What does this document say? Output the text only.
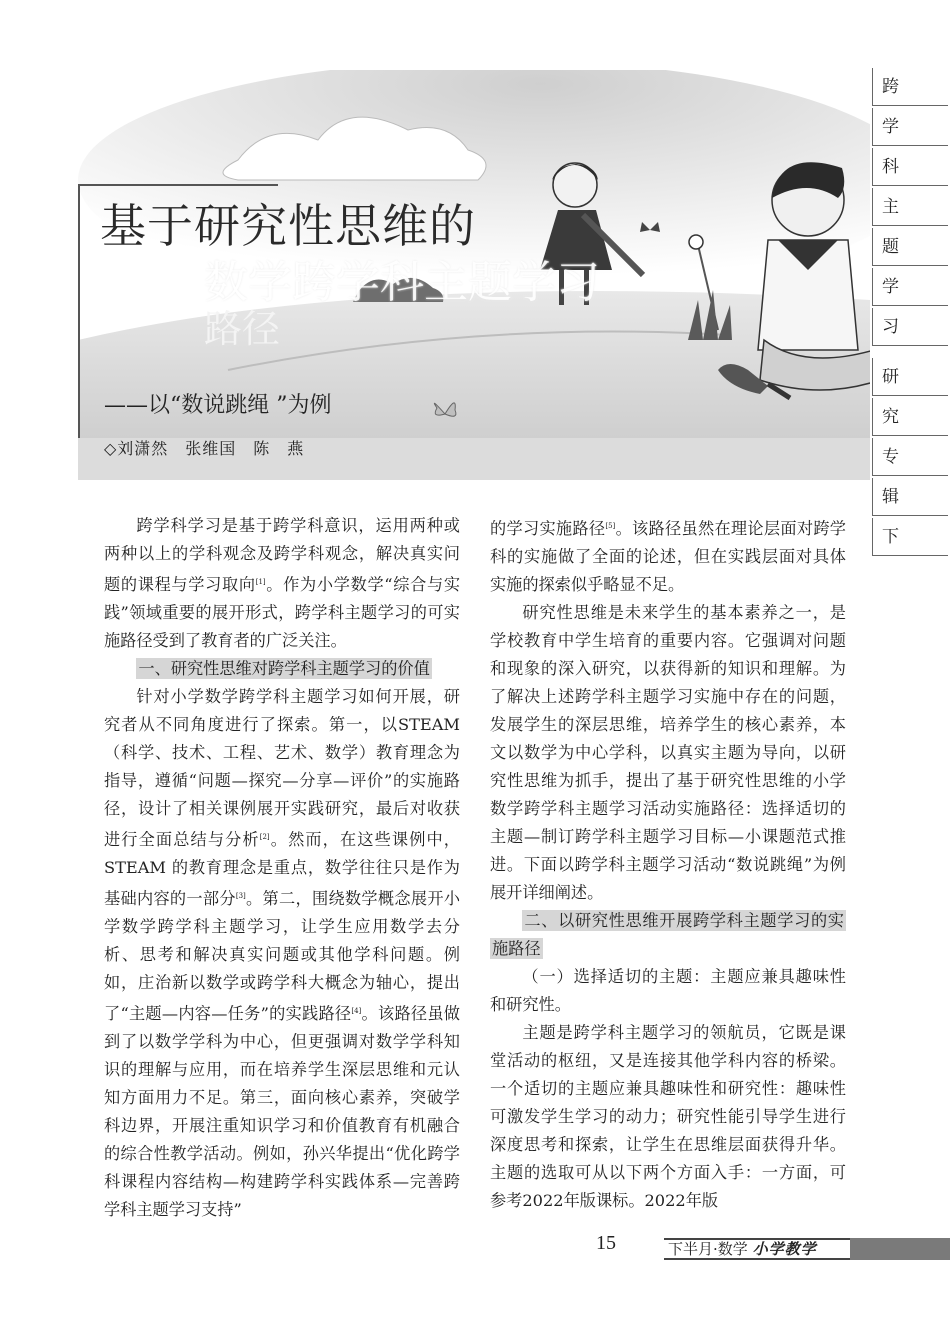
基于研究性思维的
数学跨学科主题学习
路径
——以“数说跳绳 ”为例
◇刘潇然　张维国　陈　燕
跨
学
科
主
题
学
习
研
究
专
辑
下

跨学科学习是基于跨学科意识，运用两种或两种以上的学科观念及跨学科观念，解决真实问题的课程与学习取向[1]。作为小学数学“综合与实践”领域重要的展开形式，跨学科主题学习的可实施路径受到了教育者的广泛关注。

一、研究性思维对跨学科主题学习的价值

针对小学数学跨学科主题学习如何开展，研究者从不同角度进行了探索。第一，以STEAM（科学、技术、工程、艺术、数学）教育理念为指导，遵循“问题—探究—分享—评价”的实施路径，设计了相关课例展开实践研究，最后对收获进行全面总结与分析[2]。然而，在这些课例中，STEAM 的教育理念是重点，数学往往只是作为基础内容的一部分[3]。第二，围绕数学概念展开小学数学跨学科主题学习，让学生应用数学去分析、思考和解决真实问题或其他学科问题。例如，庄治新以数学或跨学科大概念为轴心，提出了“主题—内容—任务”的实践路径[4]。该路径虽做到了以数学学科为中心，但更强调对数学学科知识的理解与应用，而在培养学生深层思维和元认知方面用力不足。第三，面向核心素养，突破学科边界，开展注重知识学习和价值教育有机融合的综合性教学活动。例如，孙兴华提出“优化跨学科课程内容结构—构建跨学科实践体系—完善跨学科主题学习支持”

的学习实施路径[5]。该路径虽然在理论层面对跨学科的实施做了全面的论述，但在实践层面对具体实施的探索似乎略显不足。

研究性思维是未来学生的基本素养之一，是学校教育中学生培育的重要内容。它强调对问题和现象的深入研究，以获得新的知识和理解。为了解决上述跨学科主题学习实施中存在的问题，发展学生的深层思维，培养学生的核心素养，本文以数学为中心学科，以真实主题为导向，以研究性思维为抓手，提出了基于研究性思维的小学数学跨学科主题学习活动实施路径：选择适切的主题—制订跨学科主题学习目标—小课题范式推进。下面以跨学科主题学习活动“数说跳绳”为例展开详细阐述。

二、以研究性思维开展跨学科主题学习的实施路径

（一）选择适切的主题：主题应兼具趣味性和研究性。

主题是跨学科主题学习的领航员，它既是课堂活动的枢纽，又是连接其他学科内容的桥梁。一个适切的主题应兼具趣味性和研究性：趣味性可激发学生学习的动力；研究性能引导学生进行深度思考和探索，让学生在思维层面获得升华。主题的选取可从以下两个方面入手：一方面，可参考2022年版课标。2022年版

15	下半月·数学 小学教学
